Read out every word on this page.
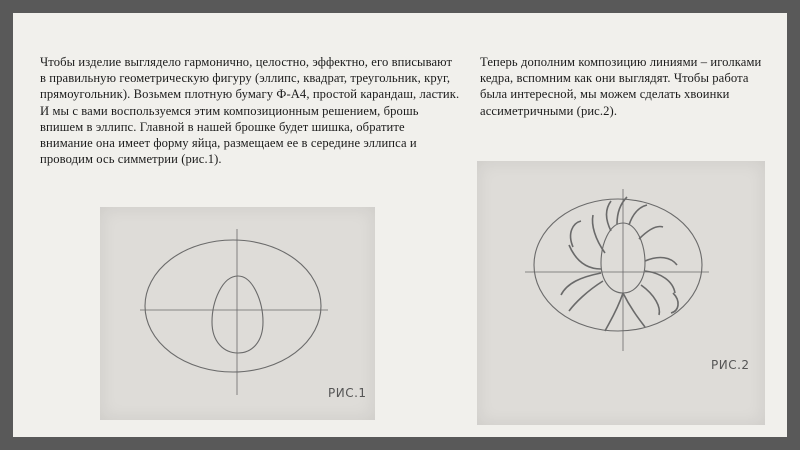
Чтобы изделие выглядело гармонично, целостно, эффектно, его вписывают в правильную геометрическую фигуру (эллипс, квадрат, треугольник, круг, прямоугольник). Возьмем плотную бумагу Ф-А4, простой карандаш, ластик.

И мы с вами воспользуемся этим композиционным решением, брошь впишем в эллипс. Главной в нашей брошке будет шишка, обратите внимание она имеет форму яйца, размещаем ее в середине эллипса и проводим ось симметрии (рис.1).

Теперь дополним композицию линиями – иголками кедра, вспомним как они выглядят. Чтобы работа была интересной, мы можем сделать хвоинки ассиметричными (рис.2).

РИС.1
РИС.2
